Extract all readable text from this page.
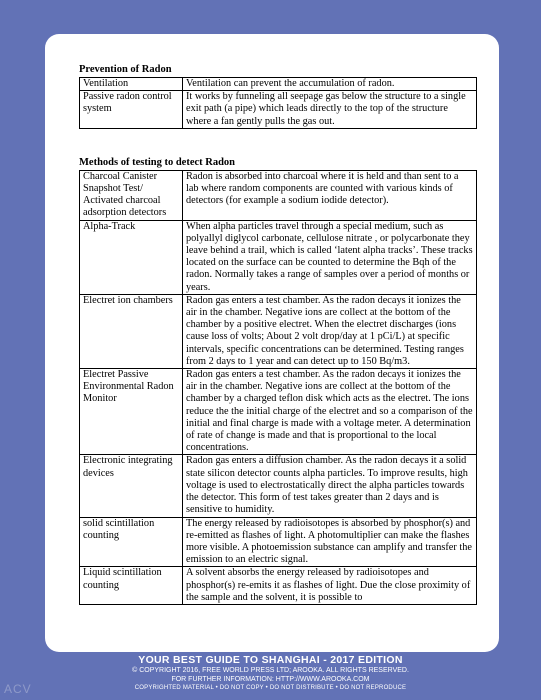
Prevention of Radon
Ventilation	Ventilation can prevent the accumulation of radon.
Passive radon control system	It works by funneling all seepage gas below the structure to a single exit path (a pipe) which leads directly to the top of the structure where a fan gently pulls the gas out.
Methods of testing to detect Radon
Charcoal Canister Snapshot Test/ Activated charcoal adsorption detectors	Radon is absorbed into charcoal where it is held and than sent to a lab where random components are counted with various kinds of detectors (for example a sodium iodide detector).
Alpha-Track	When alpha particles travel through a special medium, such as polyallyl diglycol carbonate, cellulose nitrate , or polycarbonate they leave behind a trail, which is called ‘latent alpha tracks’. These tracks located on the surface can be counted to determine the Bqh of the radon. Normally takes a range of samples over a period of months or years.
Electret ion chambers	Radon gas enters a test chamber. As the radon decays it ionizes the air in the chamber. Negative ions are collect at the bottom of the chamber by a positive electret. When the electret discharges (ions cause loss of volts; About 2 volt drop/day at 1 pCi/L) at specific intervals, specific concentrations can be determined. Testing ranges from 2 days to 1 year and can detect up to 150 Bq/m3.
Electret Passive Environmental Radon Monitor	Radon gas enters a test chamber. As the radon decays it ionizes the air in the chamber. Negative ions are collect at the bottom of the chamber by a charged teflon disk which acts as the electret. The ions reduce the the initial charge of the electret and so a comparison of the initial and final charge is made with a voltage meter. A determination of rate of change is made and that is proportional to the local concentrations.
Electronic integrating devices	Radon gas enters a diffusion chamber. As the radon decays it a solid state silicon detector counts alpha particles. To improve results, high voltage is used to electrostatically direct the alpha particles towards the detector. This form of test takes greater than 2 days and is sensitive to humidity.
solid scintillation counting	The energy released by radioisotopes is absorbed by phosphor(s) and re-emitted as flashes of light. A photomultiplier can make the flashes more visible. A photoemission substance can amplify and transfer the emission to an electric signal.
Liquid scintillation counting	A solvent absorbs the energy released by radioisotopes and phosphor(s) re-emits it as flashes of light. Due the close proximity of the sample and the solvent, it is possible to
YOUR BEST GUIDE TO SHANGHAI - 2017 EDITION
© COPYRIGHT 2016, FREE WORLD PRESS LTD; AROOKA. ALL RIGHTS RESERVED.
FOR FURTHER INFORMATION: HTTP://WWW.AROOKA.COM
COPYRIGHTED MATERIAL • DO NOT COPY • DO NOT DISTRIBUTE • DO NOT REPRODUCE
ACV
